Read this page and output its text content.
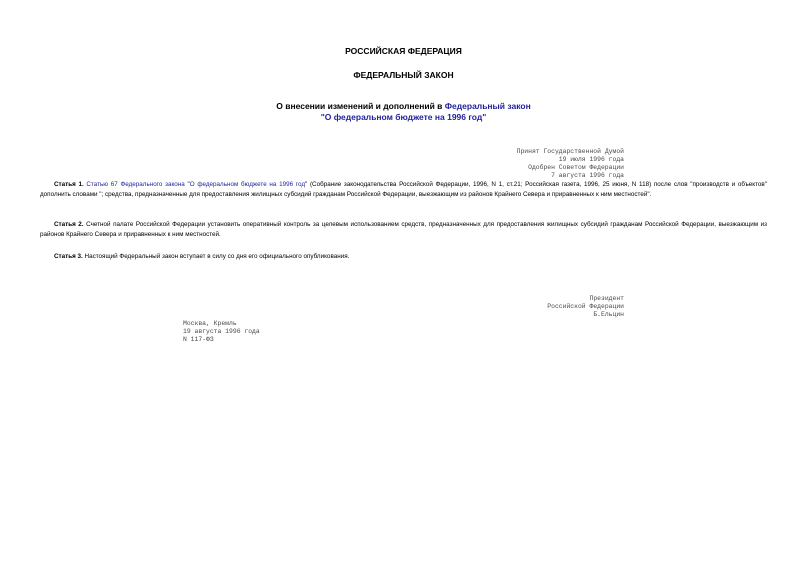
РОССИЙСКАЯ ФЕДЕРАЦИЯ
ФЕДЕРАЛЬНЫЙ ЗАКОН
О внесении изменений и дополнений в Федеральный закон
"О федеральном бюджете на 1996 год"
Принят Государственной Думой
19 июля 1996 года
Одобрен Советом Федерации
7 августа 1996 года

Статья 1. Статью 67 Федерального закона "О федеральном бюджете на 1996 год" (Собрание законодательства Российской Федерации, 1996, N 1, ст.21; Российская газета, 1996, 25 июня, N 118) после слов "производств и объектов" дополнить словами "; средства, предназначенные для предоставления жилищных субсидий гражданам Российской Федерации, выезжающим из районов Крайнего Севера и приравненных к ним местностей".

Статья 2. Счетной палате Российской Федерации установить оперативный контроль за целевым использованием средств, предназначенных для предоставления жилищных субсидий гражданам Российской Федерации, выезжающим из районов Крайнего Севера и приравненных к ним местностей.

Статья 3. Настоящий Федеральный закон вступает в силу со дня его официального опубликования.

Президент
Российской Федерации
Б.Ельцин
Москва, Кремль
19 августа 1996 года
N 117-ФЗ
